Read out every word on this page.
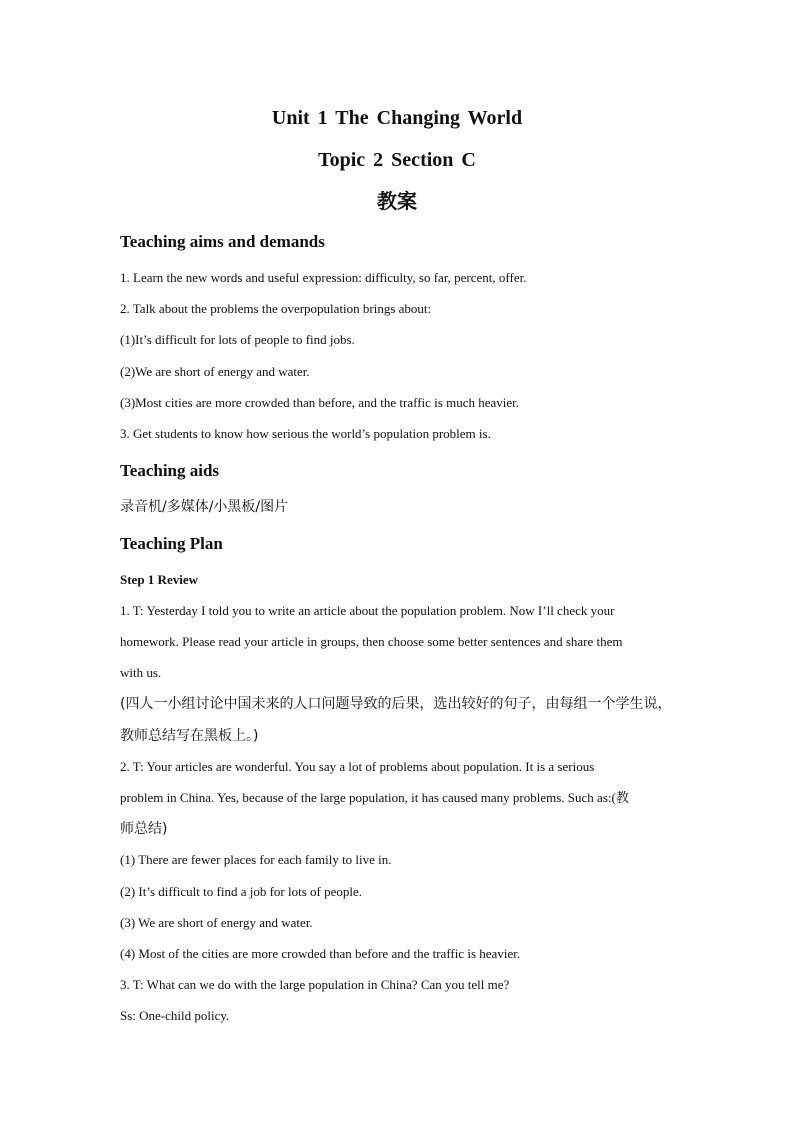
Unit 1 The Changing World
Topic 2 Section C
教案
Teaching aims and demands
1. Learn the new words and useful expression: difficulty, so far, percent, offer.
2. Talk about the problems the overpopulation brings about:
(1)It’s difficult for lots of people to find jobs.
(2)We are short of energy and water.
(3)Most cities are more crowded than before, and the traffic is much heavier.
3. Get students to know how serious the world’s population problem is.
Teaching aids
录音机/多媒体/小黑板/图片
Teaching Plan
Step 1 Review
1. T: Yesterday I told you to write an article about the population problem. Now I’ll check your
homework. Please read your article in groups, then choose some better sentences and share them
with us.
(四人一小组讨论中国未来的人口问题导致的后果，选出较好的句子，由每组一个学生说，
教师总结写在黑板上。)
2. T: Your articles are wonderful. You say a lot of problems about population. It is a serious
problem in China. Yes, because of the large population, it has caused many problems. Such as:(教
师总结)
(1) There are fewer places for each family to live in.
(2) It’s difficult to find a job for lots of people.
(3) We are short of energy and water.
(4) Most of the cities are more crowded than before and the traffic is heavier.
3. T: What can we do with the large population in China? Can you tell me?
Ss: One-child policy.
